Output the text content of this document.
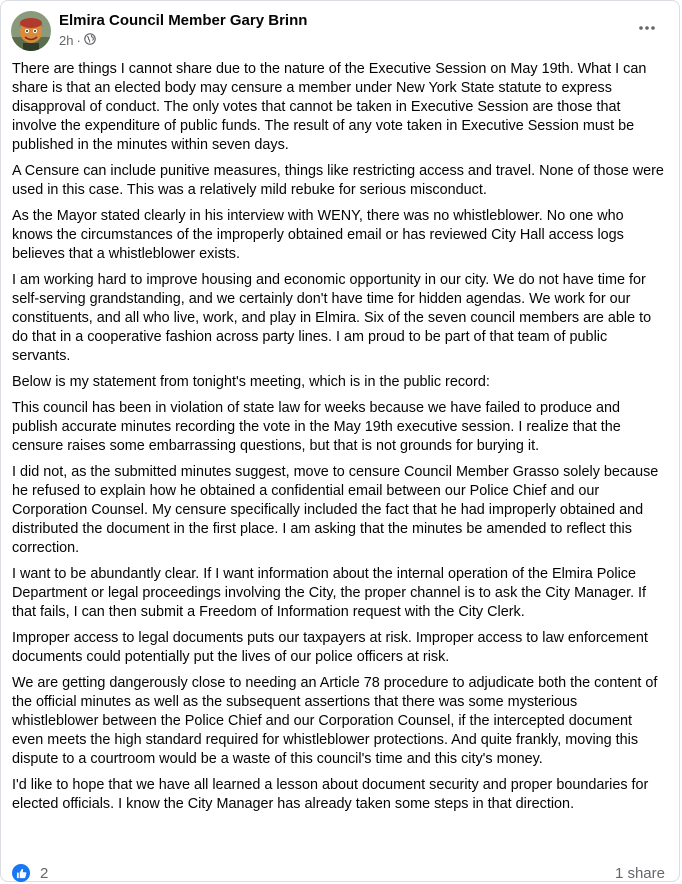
Elmira Council Member Gary Brinn
2h ·

There are things I cannot share due to the nature of the Executive Session on May 19th. What I can share is that an elected body may censure a member under New York State statute to express disapproval of conduct. The only votes that cannot be taken in Executive Session are those that involve the expenditure of public funds. The result of any vote taken in Executive Session must be published in the minutes within seven days.

A Censure can include punitive measures, things like restricting access and travel. None of those were used in this case. This was a relatively mild rebuke for serious misconduct.

As the Mayor stated clearly in his interview with WENY, there was no whistleblower. No one who knows the circumstances of the improperly obtained email or has reviewed City Hall access logs believes that a whistleblower exists.

I am working hard to improve housing and economic opportunity in our city. We do not have time for self-serving grandstanding, and we certainly don't have time for hidden agendas. We work for our constituents, and all who live, work, and play in Elmira. Six of the seven council members are able to do that in a cooperative fashion across party lines. I am proud to be part of that team of public servants.

Below is my statement from tonight's meeting, which is in the public record:

This council has been in violation of state law for weeks because we have failed to produce and publish accurate minutes recording the vote in the May 19th executive session. I realize that the censure raises some embarrassing questions, but that is not grounds for burying it.

I did not, as the submitted minutes suggest, move to censure Council Member Grasso solely because he refused to explain how he obtained a confidential email between our Police Chief and our Corporation Counsel. My censure specifically included the fact that he had improperly obtained and distributed the document in the first place. I am asking that the minutes be amended to reflect this correction.

I want to be abundantly clear. If I want information about the internal operation of the Elmira Police Department or legal proceedings involving the City, the proper channel is to ask the City Manager. If that fails, I can then submit a Freedom of Information request with the City Clerk.

Improper access to legal documents puts our taxpayers at risk. Improper access to law enforcement documents could potentially put the lives of our police officers at risk.

We are getting dangerously close to needing an Article 78 procedure to adjudicate both the content of the official minutes as well as the subsequent assertions that there was some mysterious whistleblower between the Police Chief and our Corporation Counsel, if the intercepted document even meets the high standard required for whistleblower protections. And quite frankly, moving this dispute to a courtroom would be a waste of this council's time and this city's money.

I'd like to hope that we have all learned a lesson about document security and proper boundaries for elected officials. I know the City Manager has already taken some steps in that direction.

2	1 share
